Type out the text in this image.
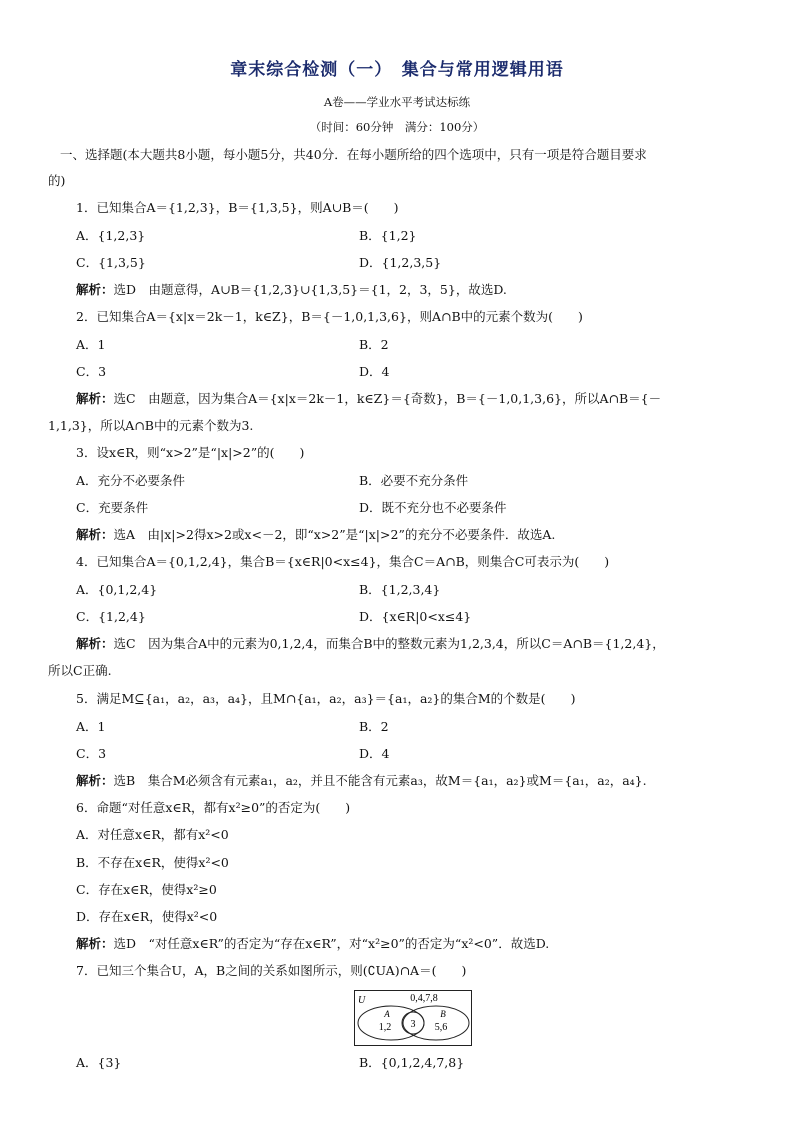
章末综合检测（一）　集合与常用逻辑用语
A卷——学业水平考试达标练
（时间：60分钟　满分：100分）
一、选择题(本大题共8小题，每小题5分，共40分．在每小题所给的四个选项中，只有一项是符合题目要求
的)
1．已知集合A＝{1,2,3}，B＝{1,3,5}，则A∪B＝(　　)
A．{1,2,3}	B．{1,2}
C．{1,3,5}	D．{1,2,3,5}
解析：选D　由题意得，A∪B＝{1,2,3}∪{1,3,5}＝{1，2，3，5}，故选D.
2．已知集合A＝{x|x＝2k－1，k∈Z}，B＝{－1,0,1,3,6}，则A∩B中的元素个数为(　　)
A．1	B．2
C．3	D．4
解析：选C　由题意，因为集合A＝{x|x＝2k－1，k∈Z}＝{奇数}，B＝{－1,0,1,3,6}，所以A∩B＝{－
1,1,3}，所以A∩B中的元素个数为3.
3．设x∈R，则“x>2”是“|x|>2”的(　　)
A．充分不必要条件	B．必要不充分条件
C．充要条件	D．既不充分也不必要条件
解析：选A　由|x|>2得x>2或x<－2，即“x>2”是“|x|>2”的充分不必要条件．故选A.
4．已知集合A＝{0,1,2,4}，集合B＝{x∈R|0<x≤4}，集合C＝A∩B，则集合C可表示为(　　)
A．{0,1,2,4}	B．{1,2,3,4}
C．{1,2,4}	D．{x∈R|0<x≤4}
解析：选C　因为集合A中的元素为0,1,2,4，而集合B中的整数元素为1,2,3,4，所以C＝A∩B＝{1,2,4}，
所以C正确.
5．满足M⊆{a₁，a₂，a₃，a₄}，且M∩{a₁，a₂，a₃}＝{a₁，a₂}的集合M的个数是(　　)
A．1	B．2
C．3	D．4
解析：选B　集合M必须含有元素a₁，a₂，并且不能含有元素a₃，故M＝{a₁，a₂}或M＝{a₁，a₂，a₄}.
6．命题“对任意x∈R，都有x²≥0”的否定为(　　)
A．对任意x∈R，都有x²<0
B．不存在x∈R，使得x²<0
C．存在x∈R，使得x²≥0
D．存在x∈R，使得x²<0
解析：选D　“对任意x∈R”的否定为“存在x∈R”，对“x²≥0”的否定为“x²<0”．故选D.
7．已知三个集合U，A，B之间的关系如图所示，则(∁UA)∩A＝(　　)
U	0,4,7,8
A
1,2 3
B
5,6
A．{3}	B．{0,1,2,4,7,8}
